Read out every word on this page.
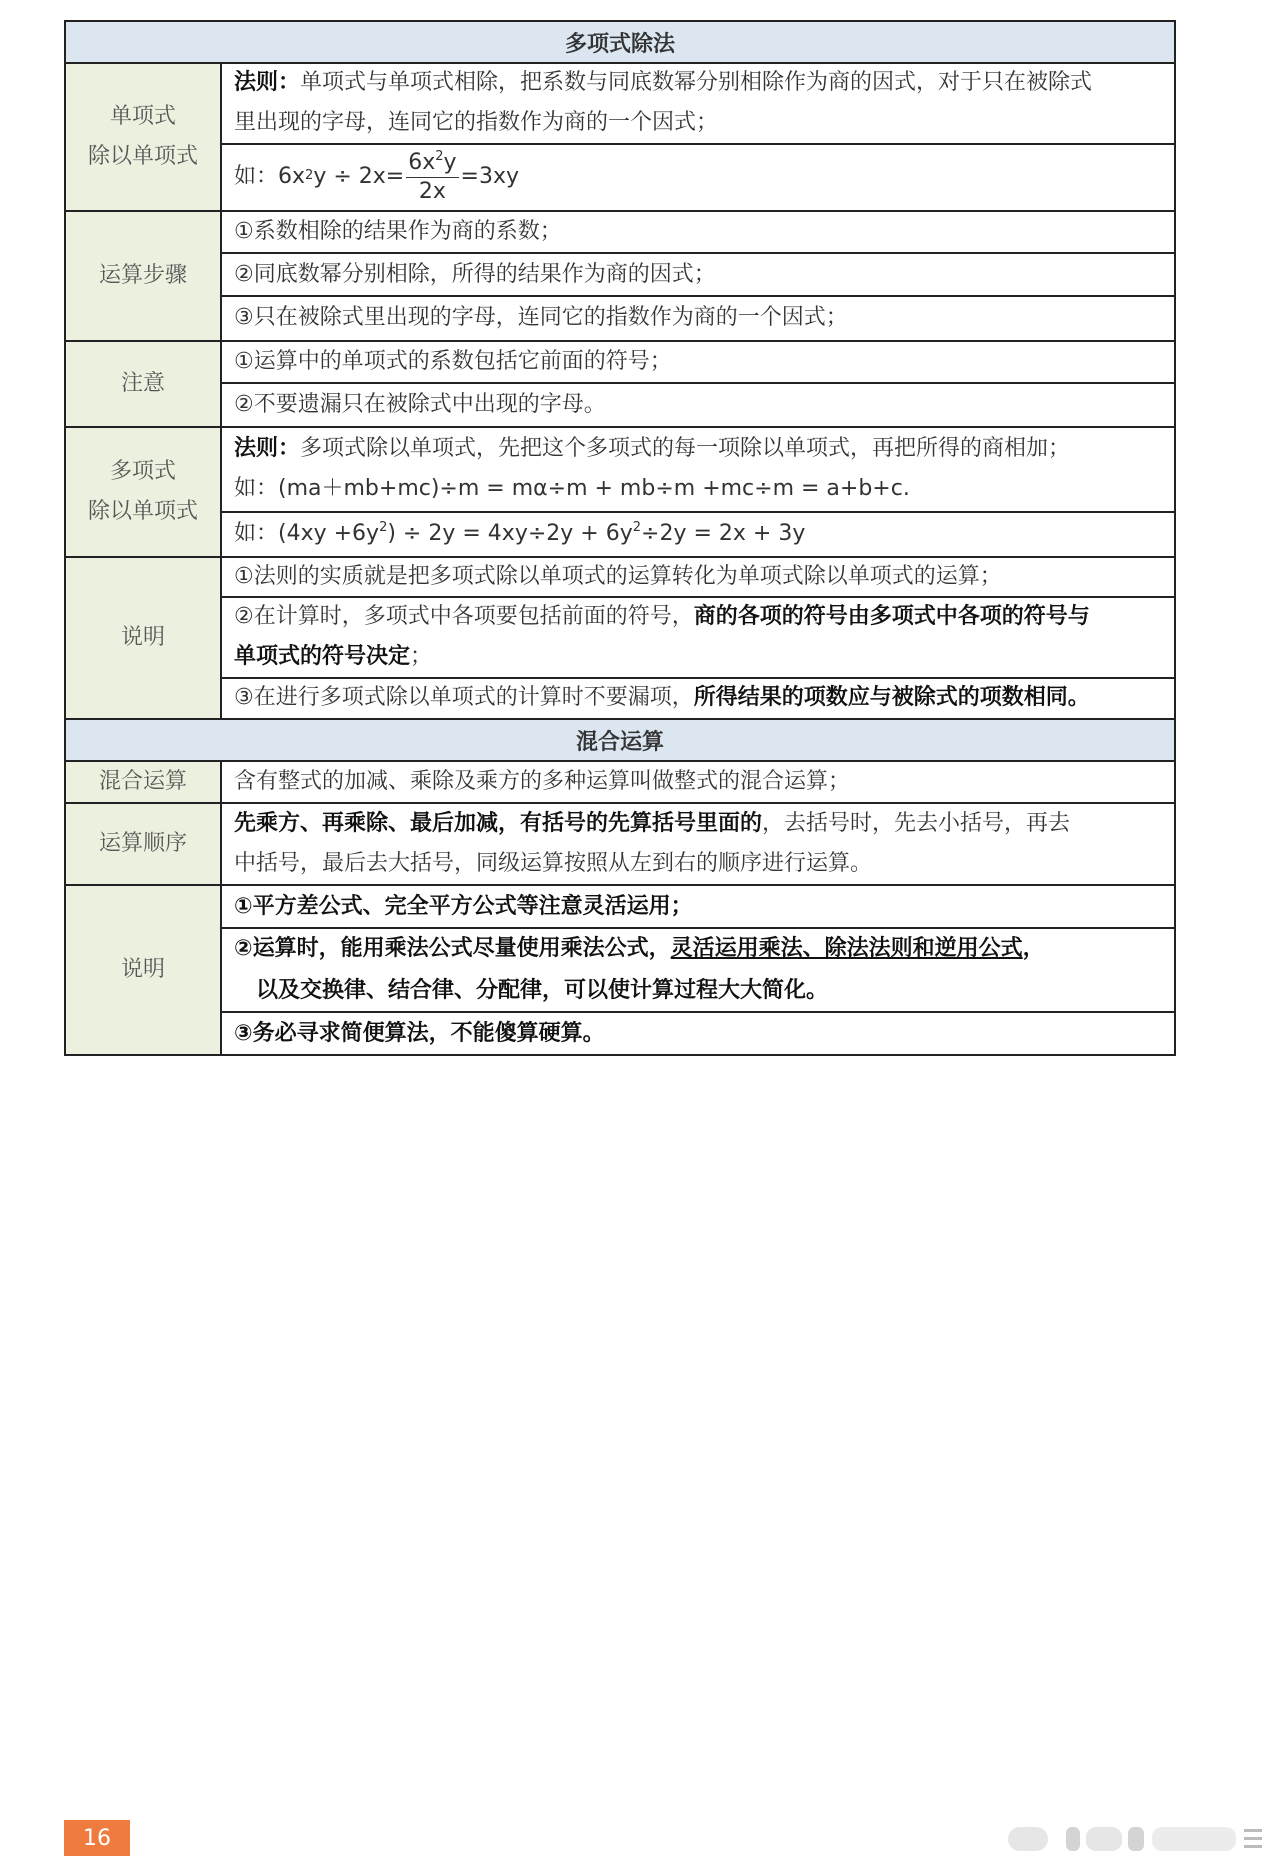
多项式除法
单项式
除以单项式
法则：单项式与单项式相除，把系数与同底数幂分别相除作为商的因式，对于只在被除式
里出现的字母，连同它的指数作为商的一个因式；
如：$6x^2$ $y \div 2x= \frac{6x^2y}{2x} =3xy$
运算步骤
①系数相除的结果作为商的系数；
②同底数幂分别相除，所得的结果作为商的因式；
③只在被除式里出现的字母，连同它的指数作为商的一个因式；
注意
①运算中的单项式的系数包括它前面的符号；
②不要遗漏只在被除式中出现的字母。
多项式
除以单项式
法则：多项式除以单项式，先把这个多项式的每一项除以单项式，再把所得的商相加；
如：(ma＋mb+mc)÷m = mα÷m + mb÷m +mc÷m = a+b+c.
如：$(4xy +6y^2) \div 2y = 4xy\div 2y + 6y^2\div 2y = 2x + 3y$
说明
①法则的实质就是把多项式除以单项式的运算转化为单项式除以单项式的运算；
②在计算时，多项式中各项要包括前面的符号，商的各项的符号由多项式中各项的符号与
单项式的符号决定；
③在进行多项式除以单项式的计算时不要漏项，所得结果的项数应与被除式的项数相同。
混合运算
混合运算 含有整式的加减、乘除及乘方的多种运算叫做整式的混合运算；
运算顺序
先乘方、再乘除、最后加减，有括号的先算括号里面的，去括号时，先去小括号，再去
中括号，最后去大括号，同级运算按照从左到右的顺序进行运算。
说明
①平方差公式、完全平方公式等注意灵活运用；
②运算时，能用乘法公式尽量使用乘法公式，灵活运用乘法、除法法则和逆用公式，
以及交换律、结合律、分配律，可以使计算过程大大简化。
③务必寻求简便算法，不能傻算硬算。
16
